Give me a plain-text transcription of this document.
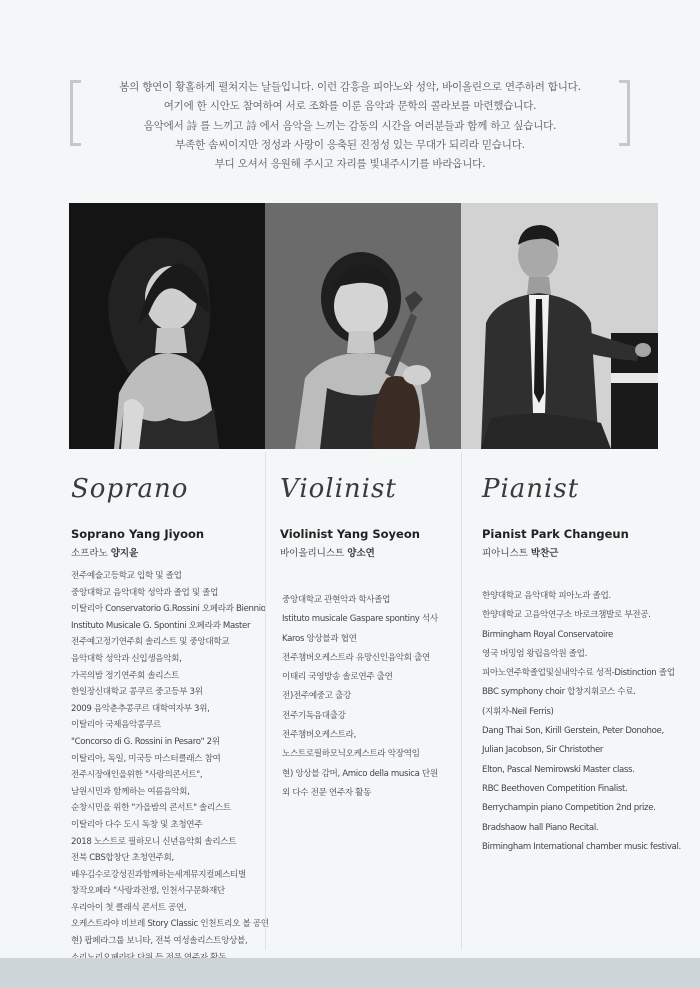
봄의 향연이 황홀하게 펼쳐지는 날들입니다. 이런 감흥을 피아노와 성악, 바이올린으로 연주하려 합니다.
여기에 한 시안도 참여하여 서로 조화를 이룬 음악과 문학의 콜라보를 마련했습니다.
음악에서 詩 를 느끼고 詩 에서 음악을 느끼는 감동의 시간을 여러분들과 함께 하고 싶습니다.
부족한 솜씨이지만 정성과 사랑이 응축된 진정성 있는 무대가 되리라 믿습니다.
부디 오셔서 응원해 주시고 자리를 빛내주시기를 바라옵니다.
Soprano
Soprano Yang Jiyoon
소프라노 양지윤
전주예술고등학교 입학 및 졸업
중앙대학교 음악대학 성악과 졸업 및 졸업
이탈리아 Conservatorio G.Rossini 오페라과 Biennio
Instituto Musicale G. Spontini 오페라과 Master
전주예고정기연주회 솔리스트 및 중앙대학교
음악대학 성악과 신입생음악회,
가곡의밤 정기연주회 솔리스트
한일장신대학교 콩쿠르 중고등부 3위
2009 음악춘추콩쿠르 대학여자부 3위,
이탈리아 국제음악콩쿠르
"Concorso di G. Rossini in Pesaro" 2위
이탈리아, 독일, 미국등 마스터클래스 참여
전주시장애인을위한 "사랑의콘서트",
남원시민과 함께하는 여름음악회,
순창시민을 위한 "가을밤의 콘서트" 솔리스트
이탈리아 다수 도시 독창 및 초청연주
2018 노스트로 필하모니 신년음악회 솔리스트
전북 CBS합창단 초청연주회,
배우김수로강성진과함께하는세계뮤지컬페스티벌
창작오페라 "사랑과전쟁, 인천서구문화재단
우리아이 첫 클래식 콘서트 공연,
오케스트라야 비브레 Story Classic 인천트리오 볼 공연
현) 팝페라그룹 보니타, 전북 여성솔리스트앙상블,
Violinist
Violinist Yang Soyeon
바이올리니스트 양소연
중앙대학교 관현악과 학사졸업
Istituto musicale Gaspare spontiny 석사
Karos 앙상블과 협연
전주챔버오케스트라 유망신인음악회 출연
이태리 국영방송 솔로연주 출연
전)전주예중고 출강
전주기독음대출강
전주챔버오케스트라,
노스트로필하모닉오케스트라 악장역임
현) 앙상블 감머, Amico della musica 단원
외 다수 전문 연주자 활동
Pianist
Pianist Park Changeun
피아니스트 박찬근
한양대학교 음악대학 피아노과 졸업.
한양대학교 고음악연구소 바로크챔발로 부전공.
Birmingham Royal Conservatoire
영국 버밍엄 왕립음악원 졸업.
피아노연주학졸업및실내악수료 성적-Distinction 졸업
BBC symphony choir 합창지휘코스 수료.
(지휘자-Neil Ferris)
Dang Thai Son, Kirill Gerstein, Peter Donohoe,
Julian Jacobson, Sir Christother
Elton, Pascal Nemirowski Master class.
RBC Beethoven Competition Finalist.
Berrychampin piano Competition 2nd prize.
Bradshaow hall Piano Recital.
Birmingham International chamber music festival.
